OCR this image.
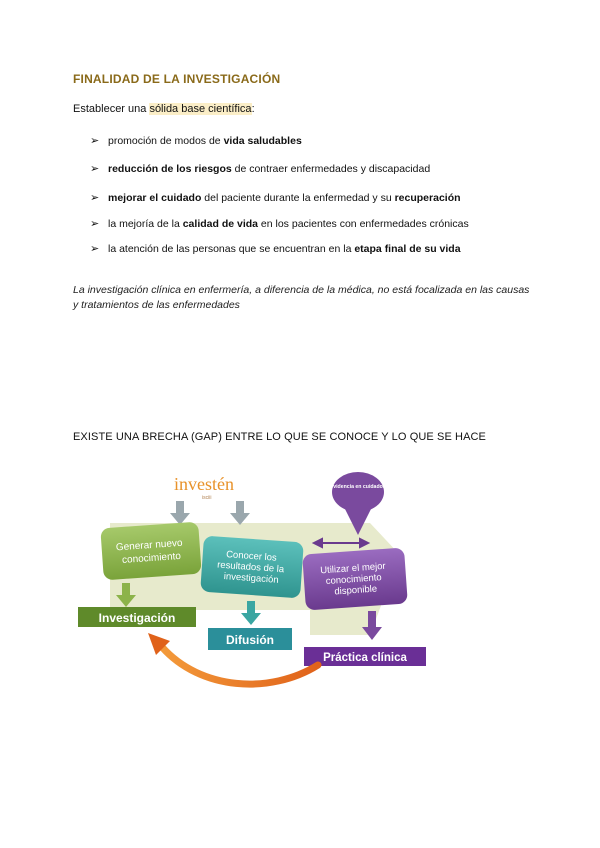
FINALIDAD DE LA INVESTIGACIÓN
Establecer una sólida base científica:
➢ promoción de modos de vida saludables
➢ reducción de los riesgos de contraer enfermedades y discapacidad
➢ mejorar el cuidado del paciente durante la enfermedad y su recuperación
➢ la mejoría de la calidad de vida en los pacientes con enfermedades crónicas
➢ la atención de las personas que se encuentran en la etapa final de su vida
La investigación clínica en enfermería, a diferencia de la médica, no está focalizada en las causas y tratamientos de las enfermedades
EXISTE UNA BRECHA (GAP) ENTRE LO QUE SE CONOCE Y LO QUE SE HACE
investén
isciii
evidencia en cuidados
Generar nuevo conocimiento	Conocer los resultados de la investigación
Utilizar el mejor conocimiento disponible
Investigación
Difusión
Práctica clínica
